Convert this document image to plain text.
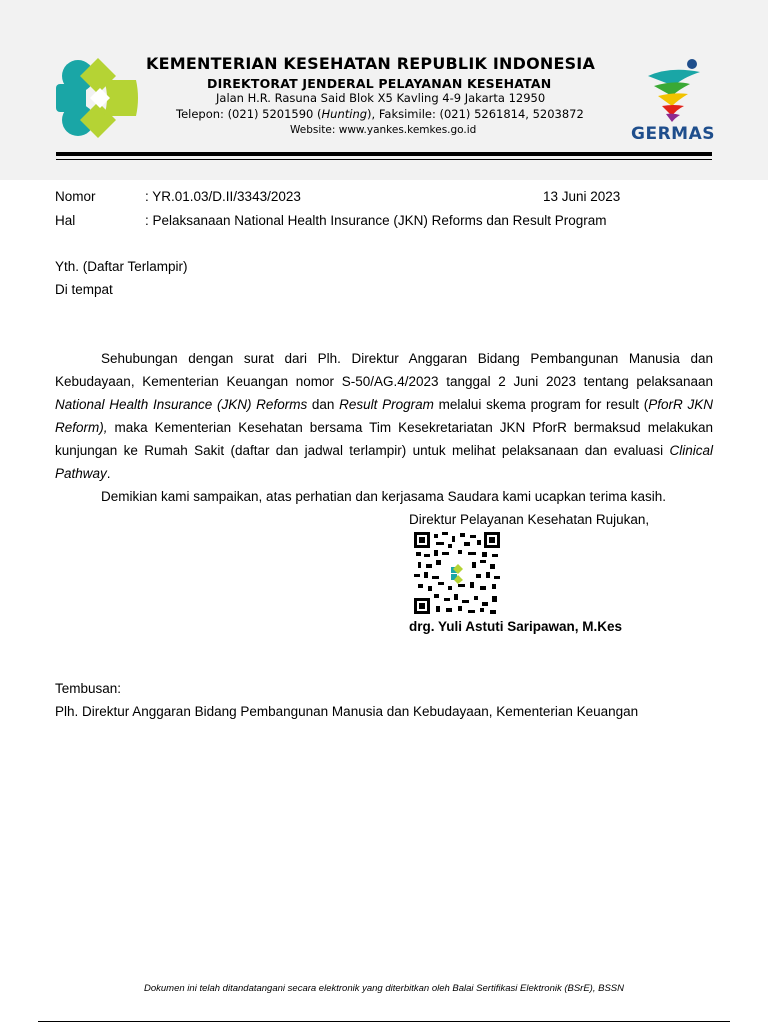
KEMENTERIAN KESEHATAN REPUBLIK INDONESIA
DIREKTORAT JENDERAL PELAYANAN KESEHATAN
Jalan H.R. Rasuna Said Blok X5 Kavling 4-9 Jakarta 12950
Telepon: (021) 5201590 (Hunting), Faksimile: (021) 5261814, 5203872
Website: www.yankes.kemkes.go.id	GERMAS
Nomor	: YR.01.03/D.II/3343/2023	13 Juni 2023
Hal	: Pelaksanaan National Health Insurance (JKN) Reforms dan Result Program
Yth. (Daftar Terlampir)
Di tempat
Sehubungan dengan surat dari Plh. Direktur Anggaran Bidang Pembangunan Manusia dan Kebudayaan, Kementerian Keuangan nomor S-50/AG.4/2023 tanggal 2 Juni 2023 tentang pelaksanaan National Health Insurance (JKN) Reforms dan Result Program melalui skema program for result (PforR JKN Reform), maka Kementerian Kesehatan bersama Tim Kesekretariatan JKN PforR bermaksud melakukan kunjungan ke Rumah Sakit (daftar dan jadwal terlampir) untuk melihat pelaksanaan dan evaluasi Clinical Pathway.
Demikian kami sampaikan, atas perhatian dan kerjasama Saudara kami ucapkan terima kasih.
Direktur Pelayanan Kesehatan Rujukan,
drg. Yuli Astuti Saripawan, M.Kes
Tembusan:
Plh. Direktur Anggaran Bidang Pembangunan Manusia dan Kebudayaan, Kementerian Keuangan
Dokumen ini telah ditandatangani secara elektronik yang diterbitkan oleh Balai Sertifikasi Elektronik (BSrE), BSSN
